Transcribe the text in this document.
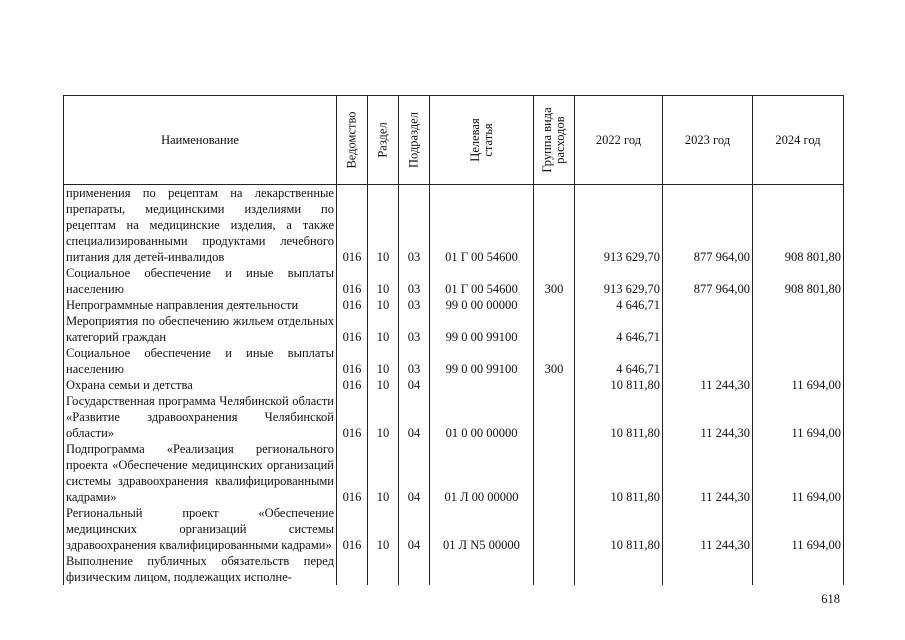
Наименование	Ведомство	Раздел	Подраздел	Целевая статья	Группа вида расходов	2022 год	2023 год	2024 год
применения по рецептам на лекарственные препараты, медицинскими изделиями по рецептам на медицинские изделия, а также специализированными продуктами лечебного питания для детей-инвалидов	016	10	03	01 Г 00 54600		913 629,70	877 964,00	908 801,80
Социальное обеспечение и иные выплаты населению	016	10	03	01 Г 00 54600	300	913 629,70	877 964,00	908 801,80
Непрограммные направления деятельности	016	10	03	99 0 00 00000		4 646,71		
Мероприятия по обеспечению жильем отдельных категорий граждан	016	10	03	99 0 00 99100		4 646,71		
Социальное обеспечение и иные выплаты населению	016	10	03	99 0 00 99100	300	4 646,71		
Охрана семьи и детства	016	10	04			10 811,80	11 244,30	11 694,00
Государственная программа Челябинской области «Развитие здравоохранения Челябинской области»	016	10	04	01 0 00 00000		10 811,80	11 244,30	11 694,00
Подпрограмма «Реализация регионального проекта «Обеспечение медицинских организаций системы здравоохранения квалифицированными кадрами»	016	10	04	01 Л 00 00000		10 811,80	11 244,30	11 694,00
Региональный проект «Обеспечение медицинских организаций системы здравоохранения квалифицированными кадрами»	016	10	04	01 Л N5 00000		10 811,80	11 244,30	11 694,00
Выполнение публичных обязательств перед физическим лицом, подлежащих исполне-								
618
